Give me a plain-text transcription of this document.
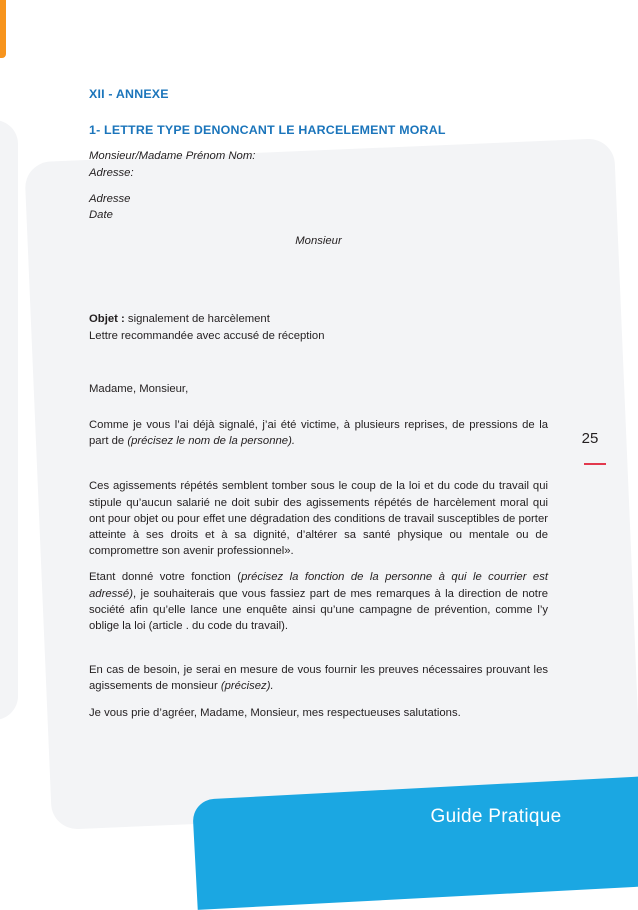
XII - ANNEXE
1- LETTRE TYPE DENONCANT LE HARCELEMENT MORAL

Monsieur/Madame Prénom Nom:

Adresse:

Adresse

Date

Monsieur

Objet : signalement de harcèlement

Lettre recommandée avec accusé de réception

Madame, Monsieur,

Comme je vous l’ai déjà signalé, j’ai été victime, à plusieurs reprises, de pressions de la part de (précisez le nom de la personne).

Ces agissements répétés semblent tomber sous le coup de la loi et du code du travail qui stipule qu’aucun salarié ne doit subir des agissements répétés de harcèlement moral qui ont pour objet ou pour effet une dégradation des conditions de travail susceptibles de porter atteinte à ses droits et à sa dignité, d’altérer sa santé physique ou mentale ou de compromettre son avenir professionnel».

Etant donné votre fonction (précisez la fonction de la personne à qui le courrier est adressé), je souhaiterais que vous fassiez part de mes remarques à la direction de notre société afin qu’elle lance une enquête ainsi qu’une campagne de prévention, comme l’y oblige la loi (article . du code du travail).

En cas de besoin, je serai en mesure de vous fournir les preuves nécessaires prouvant les agissements de monsieur (précisez).

Je vous prie d’agréer, Madame, Monsieur, mes respectueuses salutations.

25
Guide Pratique
